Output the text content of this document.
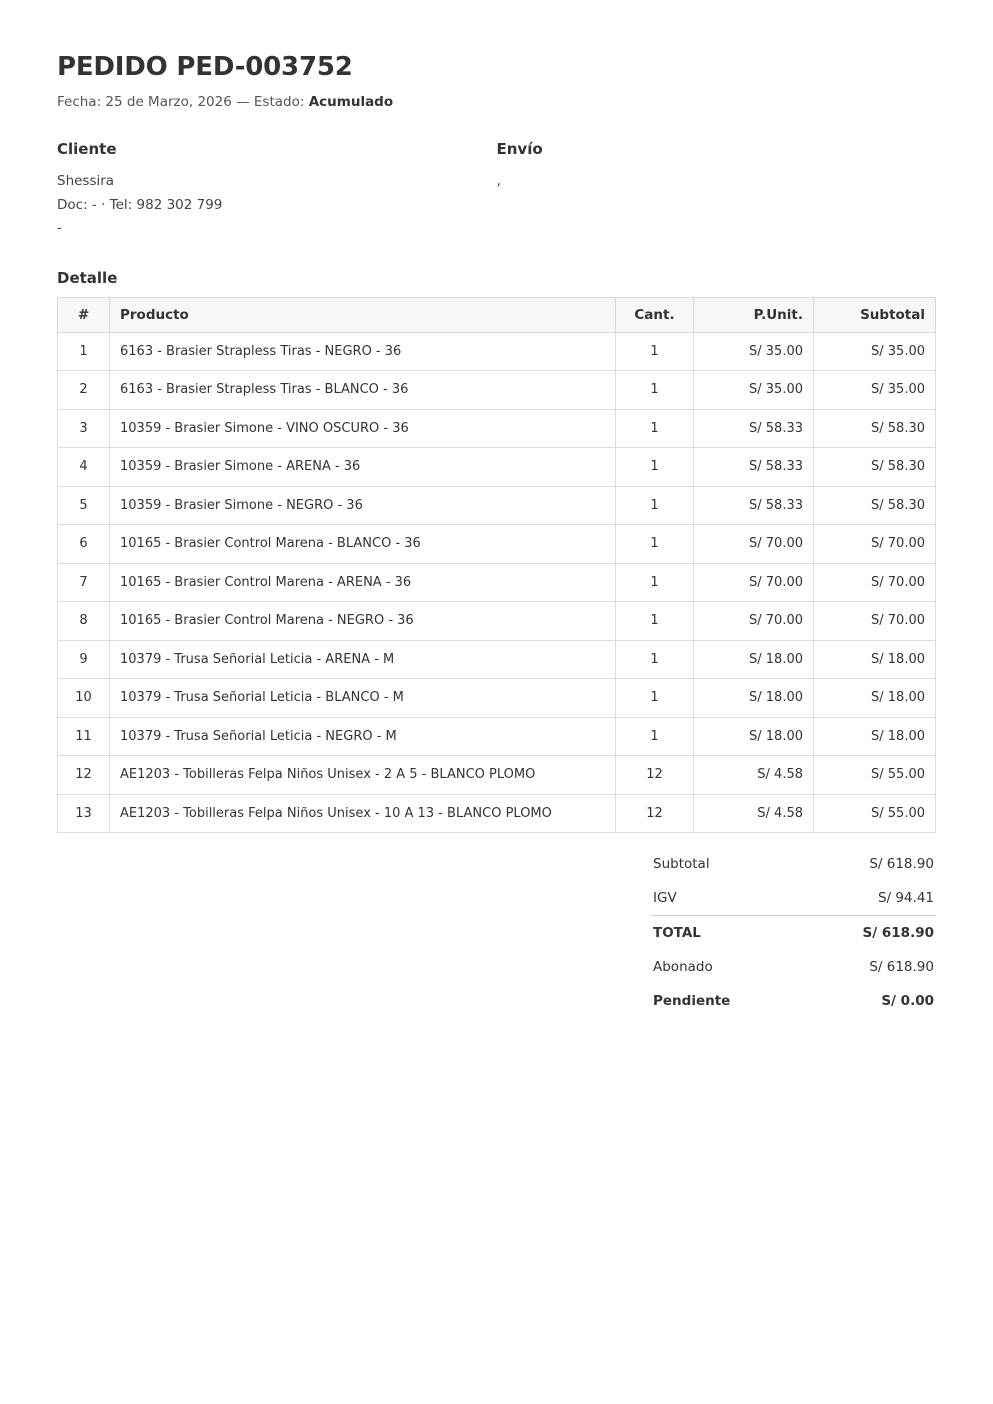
PEDIDO PED-003752

Fecha: 25 de Marzo, 2026 — Estado: Acumulado

Cliente
Shessira
Doc: - · Tel: 982 302 799
-
Envío
,
Detalle
#	Producto	Cant.	P.Unit.	Subtotal
1	6163 - Brasier Strapless Tiras - NEGRO - 36	1	S/ 35.00	S/ 35.00
2	6163 - Brasier Strapless Tiras - BLANCO - 36	1	S/ 35.00	S/ 35.00
3	10359 - Brasier Simone - VINO OSCURO - 36	1	S/ 58.33	S/ 58.30
4	10359 - Brasier Simone - ARENA - 36	1	S/ 58.33	S/ 58.30
5	10359 - Brasier Simone - NEGRO - 36	1	S/ 58.33	S/ 58.30
6	10165 - Brasier Control Marena - BLANCO - 36	1	S/ 70.00	S/ 70.00
7	10165 - Brasier Control Marena - ARENA - 36	1	S/ 70.00	S/ 70.00
8	10165 - Brasier Control Marena - NEGRO - 36	1	S/ 70.00	S/ 70.00
9	10379 - Trusa Señorial Leticia - ARENA - M	1	S/ 18.00	S/ 18.00
10	10379 - Trusa Señorial Leticia - BLANCO - M	1	S/ 18.00	S/ 18.00
11	10379 - Trusa Señorial Leticia - NEGRO - M	1	S/ 18.00	S/ 18.00
12	AE1203 - Tobilleras Felpa Niños Unisex - 2 A 5 - BLANCO PLOMO	12	S/ 4.58	S/ 55.00
13	AE1203 - Tobilleras Felpa Niños Unisex - 10 A 13 - BLANCO PLOMO	12	S/ 4.58	S/ 55.00
Subtotal	S/ 618.90
IGV	S/ 94.41
TOTAL	S/ 618.90
Abonado	S/ 618.90
Pendiente	S/ 0.00
